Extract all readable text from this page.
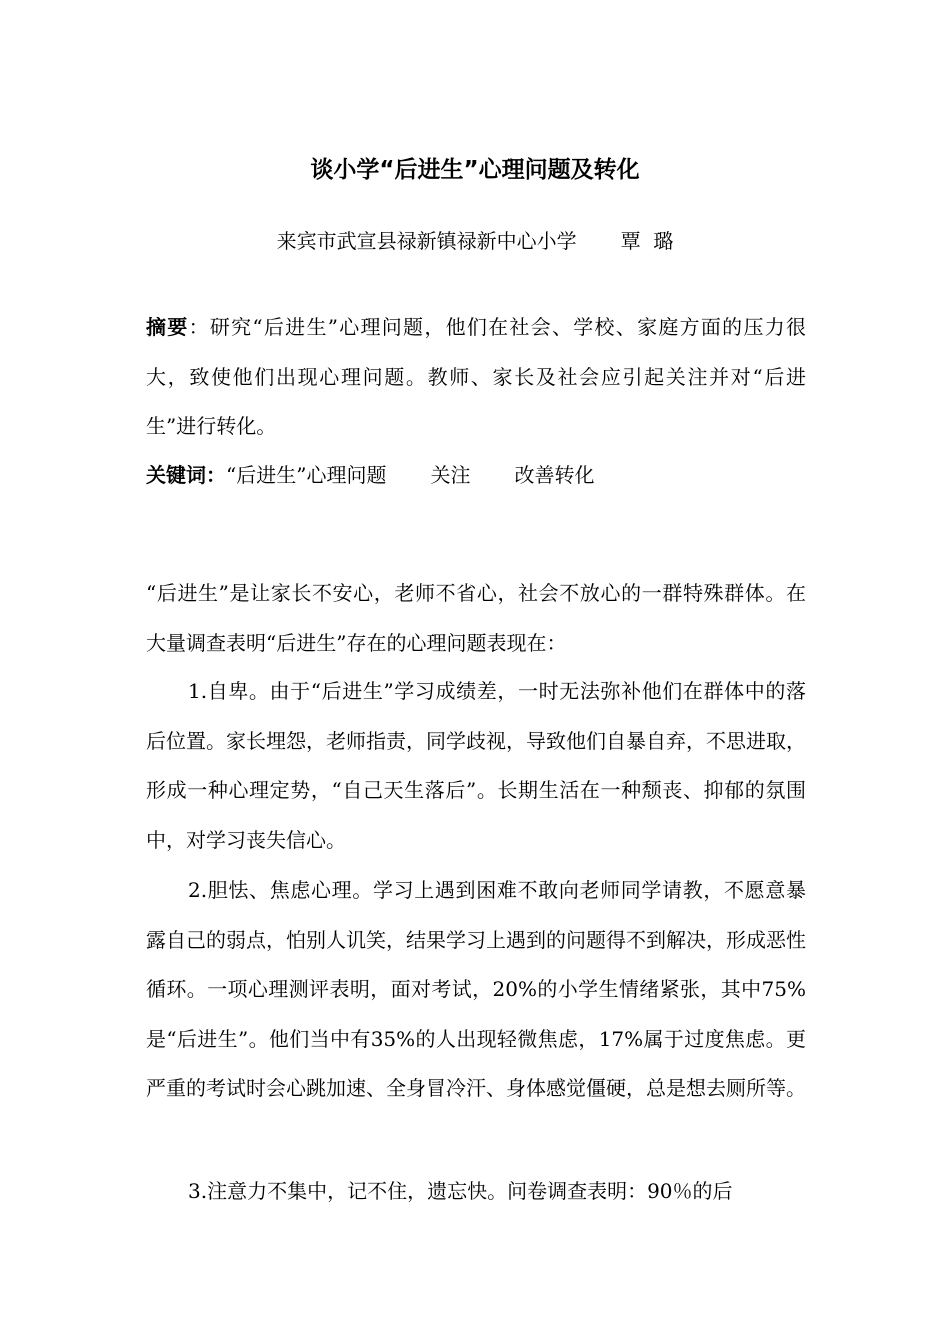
谈小学“后进生”心理问题及转化
来宾市武宣县禄新镇禄新中心小学 覃  璐
摘要：研究“后进生”心理问题，他们在社会、学校、家庭方面的压力很大，致使他们出现心理问题。教师、家长及社会应引起关注并对“后进生”进行转化。
关键词：“后进生”心理问题 关注 改善转化
“后进生”是让家长不安心，老师不省心，社会不放心的一群特殊群体。在大量调查表明“后进生”存在的心理问题表现在：
1.自卑。由于“后进生”学习成绩差，一时无法弥补他们在群体中的落后位置。家长埋怨，老师指责，同学歧视，导致他们自暴自弃，不思进取，形成一种心理定势，“自己天生落后”。长期生活在一种颓丧、抑郁的氛围中，对学习丧失信心。
2.胆怯、焦虑心理。学习上遇到困难不敢向老师同学请教，不愿意暴露自己的弱点，怕别人讥笑，结果学习上遇到的问题得不到解决，形成恶性循环。一项心理测评表明，面对考试，20%的小学生情绪紧张，其中75%是“后进生”。他们当中有35%的人出现轻微焦虑，17%属于过度焦虑。更严重的考试时会心跳加速、全身冒冷汗、身体感觉僵硬，总是想去厕所等。
3.注意力不集中，记不住，遗忘快。问卷调查表明：90％的后
